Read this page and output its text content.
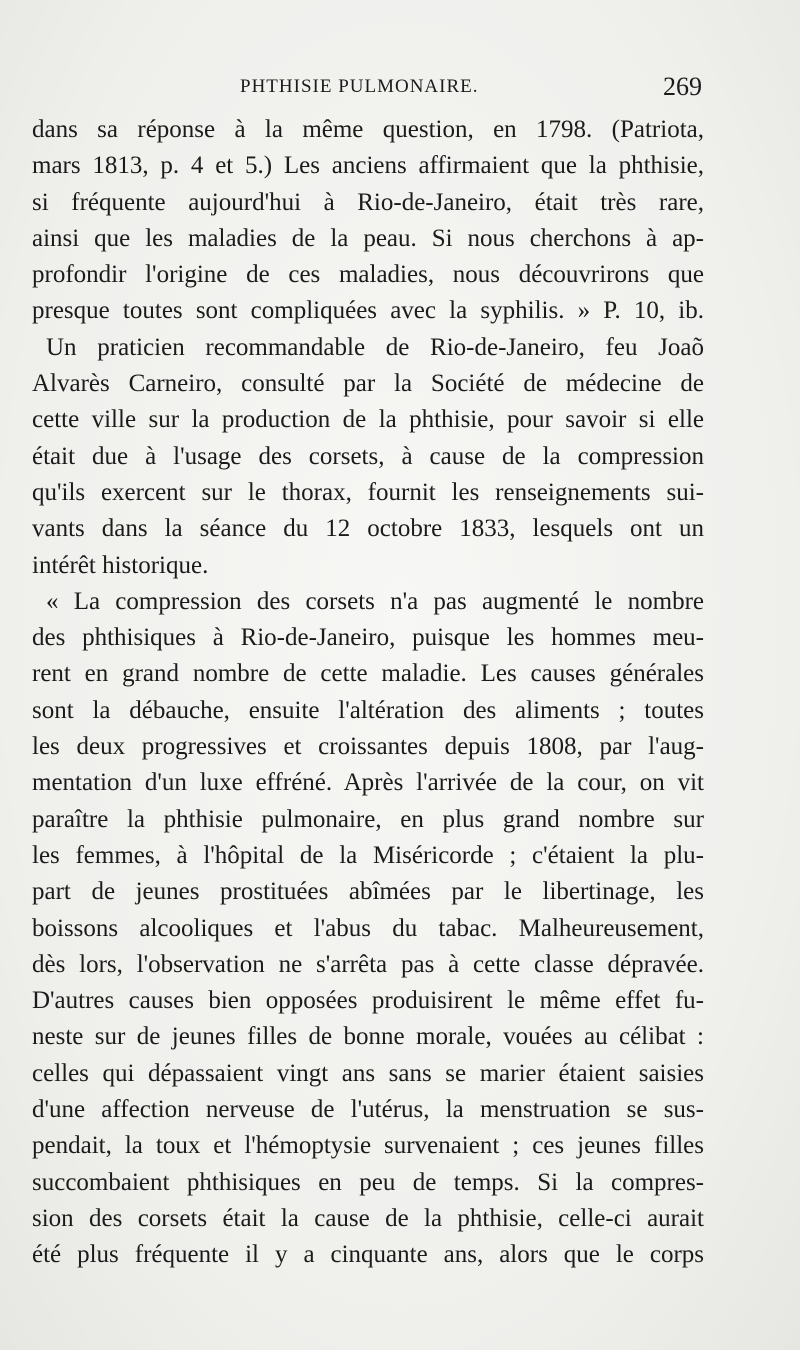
PHTHISIE PULMONAIRE.	269
dans sa réponse à la même question, en 1798. (Patriota,
mars 1813, p. 4 et 5.) Les anciens affirmaient que la phthisie,
si fréquente aujourd'hui à Rio-de-Janeiro, était très rare,
ainsi que les maladies de la peau. Si nous cherchons à ap-
profondir l'origine de ces maladies, nous découvrirons que
presque toutes sont compliquées avec la syphilis. » P. 10, ib.
Un praticien recommandable de Rio-de-Janeiro, feu Joaõ
Alvarès Carneiro, consulté par la Société de médecine de
cette ville sur la production de la phthisie, pour savoir si elle
était due à l'usage des corsets, à cause de la compression
qu'ils exercent sur le thorax, fournit les renseignements sui-
vants dans la séance du 12 octobre 1833, lesquels ont un
intérêt historique.
« La compression des corsets n'a pas augmenté le nombre
des phthisiques à Rio-de-Janeiro, puisque les hommes meu-
rent en grand nombre de cette maladie. Les causes générales
sont la débauche, ensuite l'altération des aliments ; toutes
les deux progressives et croissantes depuis 1808, par l'aug-
mentation d'un luxe effréné. Après l'arrivée de la cour, on vit
paraître la phthisie pulmonaire, en plus grand nombre sur
les femmes, à l'hôpital de la Miséricorde ; c'étaient la plu-
part de jeunes prostituées abîmées par le libertinage, les
boissons alcooliques et l'abus du tabac. Malheureusement,
dès lors, l'observation ne s'arrêta pas à cette classe dépravée.
D'autres causes bien opposées produisirent le même effet fu-
neste sur de jeunes filles de bonne morale, vouées au célibat :
celles qui dépassaient vingt ans sans se marier étaient saisies
d'une affection nerveuse de l'utérus, la menstruation se sus-
pendait, la toux et l'hémoptysie survenaient ; ces jeunes filles
succombaient phthisiques en peu de temps. Si la compres-
sion des corsets était la cause de la phthisie, celle-ci aurait
été plus fréquente il y a cinquante ans, alors que le corps
